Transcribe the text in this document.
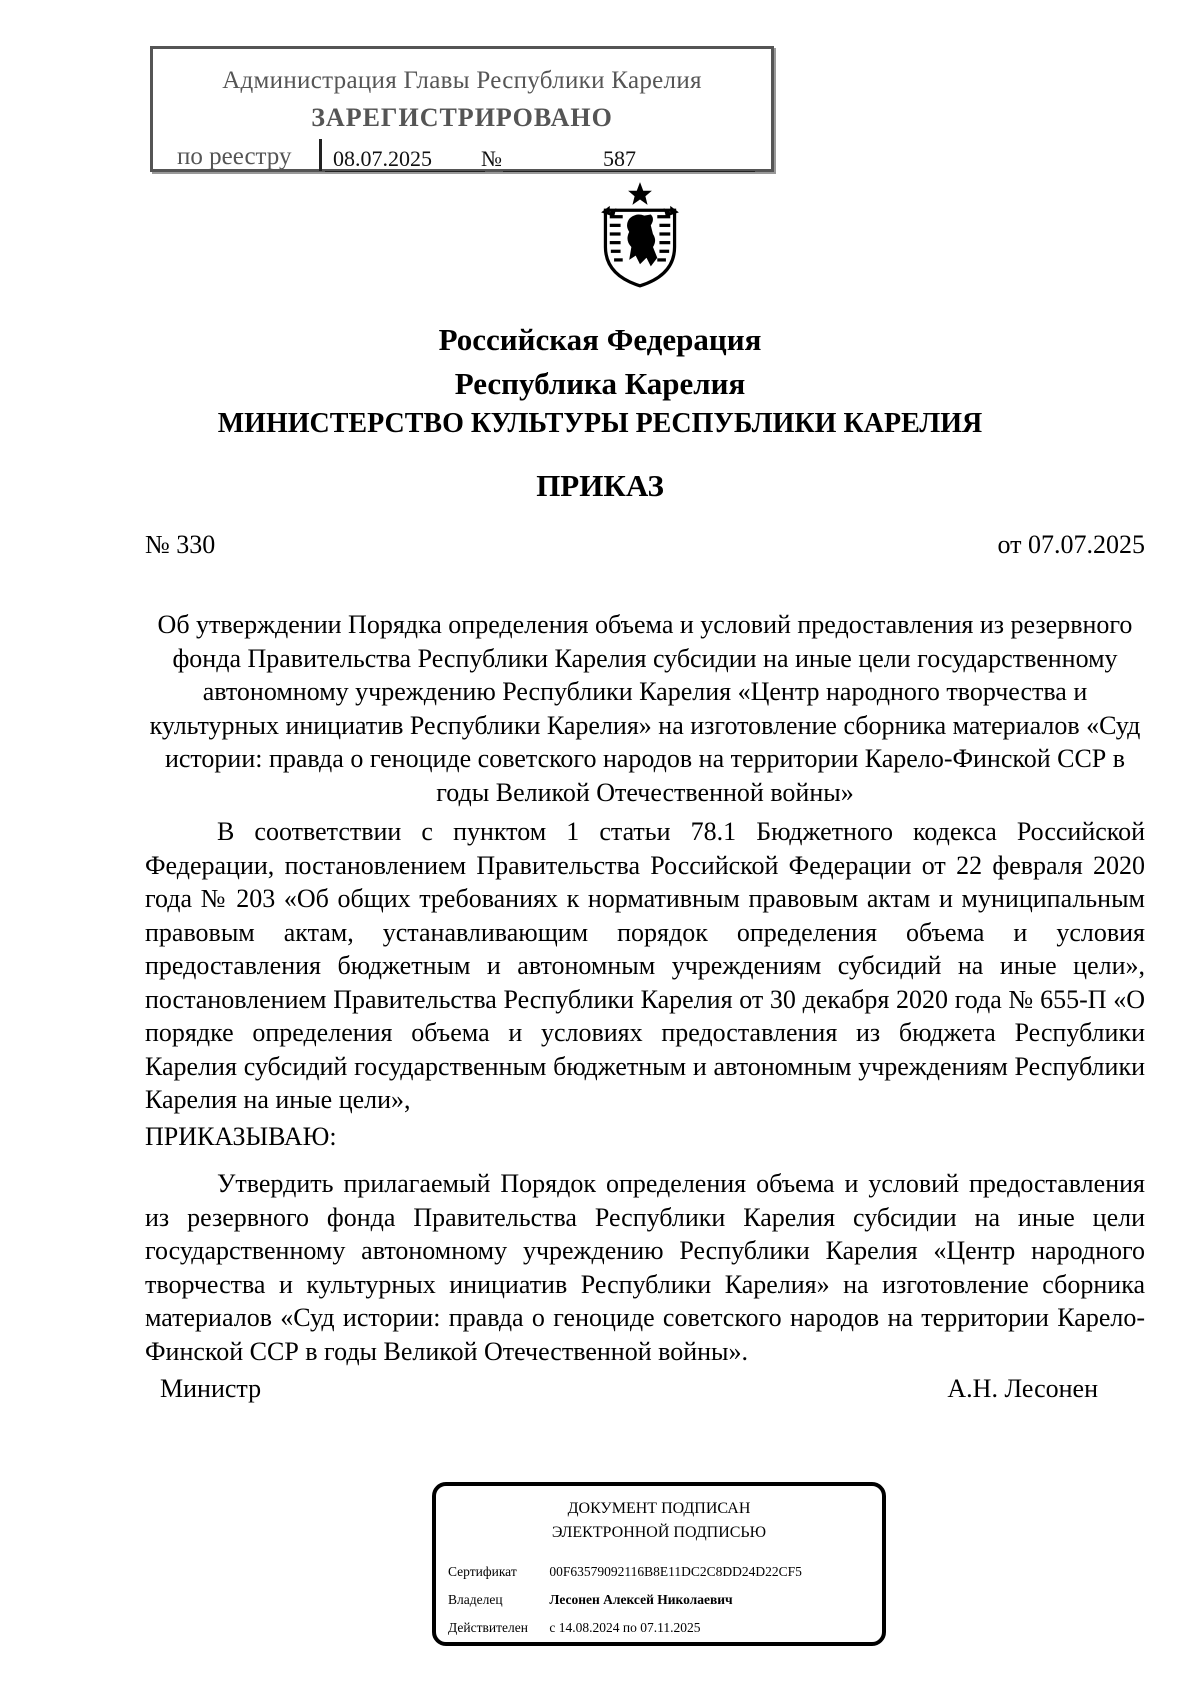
Администрация Главы Республики Карелия
ЗАРЕГИСТРИРОВАНО
по реестру 08.07.2025 №	587
Российская Федерация
Республика Карелия
МИНИСТЕРСТВО КУЛЬТУРЫ РЕСПУБЛИКИ КАРЕЛИЯ
ПРИКАЗ
№ 330	от 07.07.2025
Об утверждении Порядка определения объема и условий предоставления из резервного фонда Правительства Республики Карелия субсидии на иные цели государственному автономному учреждению Республики Карелия «Центр народного творчества и культурных инициатив Республики Карелия» на изготовление сборника материалов «Суд истории: правда о геноциде советского народов на территории Карело-Финской ССР в годы Великой Отечественной войны»
В соответствии с пунктом 1 статьи 78.1 Бюджетного кодекса Российской Федерации, постановлением Правительства Российской Федерации от 22 февраля 2020 года № 203 «Об общих требованиях к нормативным правовым актам и муниципальным правовым актам, устанавливающим порядок определения объема и условия предоставления бюджетным и автономным учреждениям субсидий на иные цели», постановлением Правительства Республики Карелия от 30 декабря 2020 года № 655-П «О порядке определения объема и условиях предоставления из бюджета Республики Карелия субсидий государственным бюджетным и автономным учреждениям Республики Карелия на иные цели»,
ПРИКАЗЫВАЮ:
Утвердить прилагаемый Порядок определения объема и условий предоставления из резервного фонда Правительства Республики Карелия субсидии на иные цели государственному автономному учреждению Республики Карелия «Центр народного творчества и культурных инициатив Республики Карелия» на изготовление сборника материалов «Суд истории: правда о геноциде советского народов на территории Карело-Финской ССР в годы Великой Отечественной войны».
Министр	А.Н. Лесонен
ДОКУМЕНТ ПОДПИСАН
ЭЛЕКТРОННОЙ ПОДПИСЬЮ
Сертификат 00F63579092116B8E11DC2C8DD24D22CF5
Владелец	Лесонен Алексей Николаевич
Действителен с 14.08.2024 по 07.11.2025
